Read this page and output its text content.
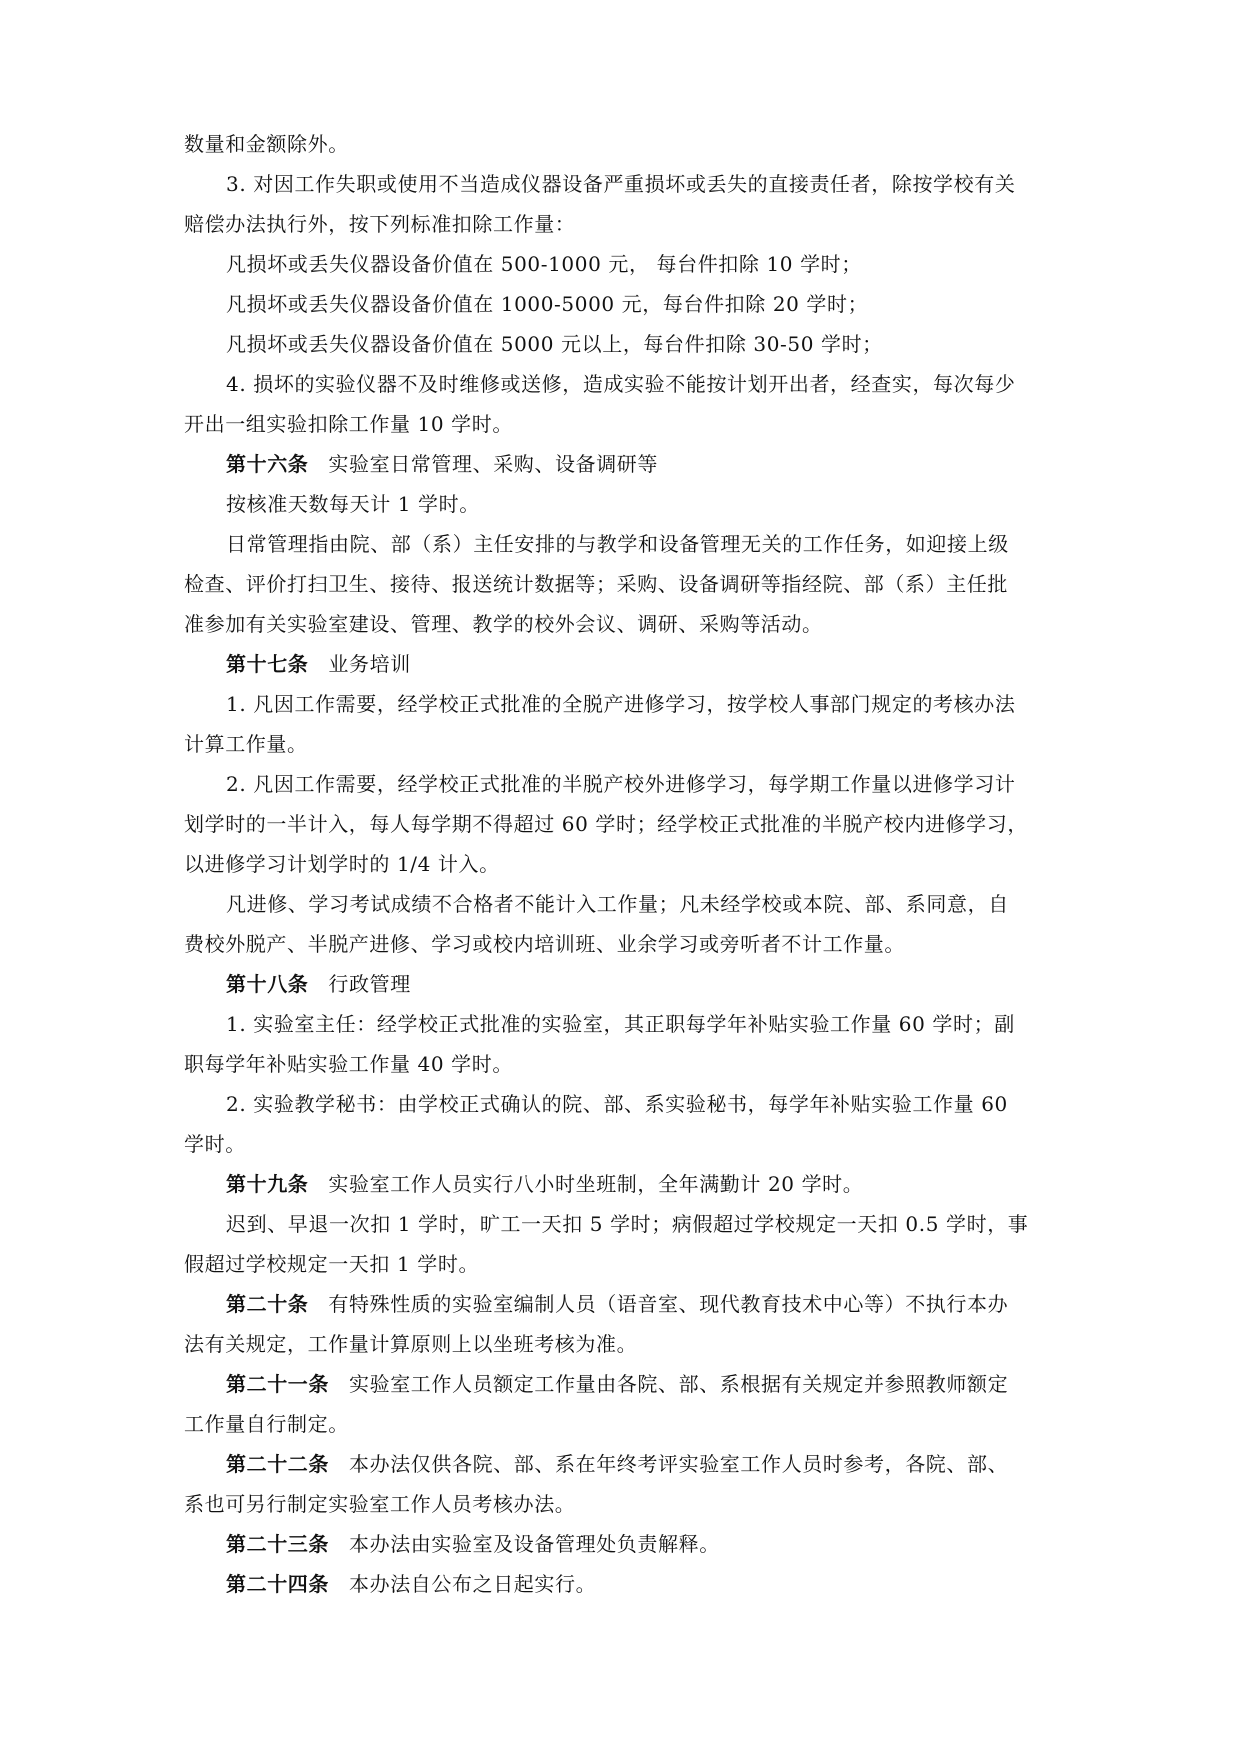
数量和金额除外。
3. 对因工作失职或使用不当造成仪器设备严重损坏或丢失的直接责任者，除按学校有关
赔偿办法执行外，按下列标准扣除工作量：
凡损坏或丢失仪器设备价值在 500-1000 元， 每台件扣除 10 学时；
凡损坏或丢失仪器设备价值在 1000-5000 元，每台件扣除 20 学时；
凡损坏或丢失仪器设备价值在 5000 元以上，每台件扣除 30-50 学时；
4. 损坏的实验仪器不及时维修或送修，造成实验不能按计划开出者，经查实，每次每少
开出一组实验扣除工作量 10 学时。
第十六条 实验室日常管理、采购、设备调研等
按核准天数每天计 1 学时。
日常管理指由院、部（系）主任安排的与教学和设备管理无关的工作任务，如迎接上级
检查、评价打扫卫生、接待、报送统计数据等；采购、设备调研等指经院、部（系）主任批
准参加有关实验室建设、管理、教学的校外会议、调研、采购等活动。
第十七条 业务培训
1. 凡因工作需要，经学校正式批准的全脱产进修学习，按学校人事部门规定的考核办法
计算工作量。
2. 凡因工作需要，经学校正式批准的半脱产校外进修学习，每学期工作量以进修学习计
划学时的一半计入，每人每学期不得超过 60 学时；经学校正式批准的半脱产校内进修学习，
以进修学习计划学时的 1/4 计入。
凡进修、学习考试成绩不合格者不能计入工作量；凡未经学校或本院、部、系同意，自
费校外脱产、半脱产进修、学习或校内培训班、业余学习或旁听者不计工作量。
第十八条 行政管理
1. 实验室主任：经学校正式批准的实验室，其正职每学年补贴实验工作量 60 学时；副
职每学年补贴实验工作量 40 学时。
2. 实验教学秘书：由学校正式确认的院、部、系实验秘书，每学年补贴实验工作量 60
学时。
第十九条 实验室工作人员实行八小时坐班制，全年满勤计 20 学时。
迟到、早退一次扣 1 学时，旷工一天扣 5 学时；病假超过学校规定一天扣 0.5 学时，事
假超过学校规定一天扣 1 学时。
第二十条 有特殊性质的实验室编制人员（语音室、现代教育技术中心等）不执行本办
法有关规定，工作量计算原则上以坐班考核为准。
第二十一条 实验室工作人员额定工作量由各院、部、系根据有关规定并参照教师额定
工作量自行制定。
第二十二条 本办法仅供各院、部、系在年终考评实验室工作人员时参考，各院、部、
系也可另行制定实验室工作人员考核办法。
第二十三条 本办法由实验室及设备管理处负责解释。
第二十四条 本办法自公布之日起实行。
